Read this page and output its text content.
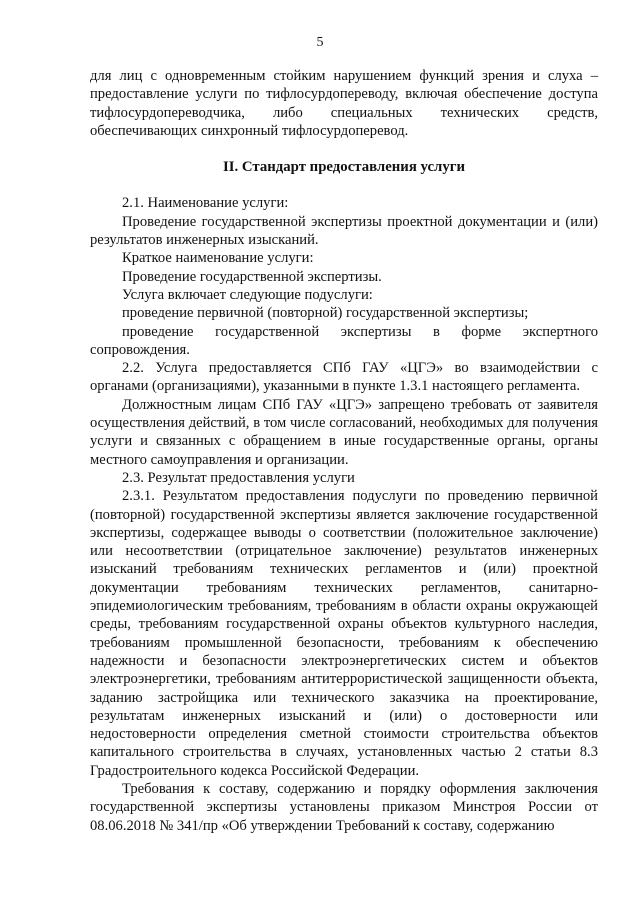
5

для лиц с одновременным стойким нарушением функций зрения и слуха – предоставление услуги по тифлосурдопереводу, включая обеспечение доступа тифлосурдопереводчика, либо специальных технических средств, обеспечивающих синхронный тифлосурдоперевод.

II. Стандарт предоставления услуги

2.1. Наименование услуги:

Проведение государственной экспертизы проектной документации и (или) результатов инженерных изысканий.

Краткое наименование услуги:

Проведение государственной экспертизы.

Услуга включает следующие подуслуги:

проведение первичной (повторной) государственной экспертизы;

проведение государственной экспертизы в форме экспертного сопровождения.

2.2. Услуга предоставляется СПб ГАУ «ЦГЭ» во взаимодействии с органами (организациями), указанными в пункте 1.3.1 настоящего регламента.

Должностным лицам СПб ГАУ «ЦГЭ» запрещено требовать от заявителя осуществления действий, в том числе согласований, необходимых для получения услуги и связанных с обращением в иные государственные органы, органы местного самоуправления и организации.

2.3. Результат предоставления услуги

2.3.1. Результатом предоставления подуслуги по проведению первичной (повторной) государственной экспертизы является заключение государственной экспертизы, содержащее выводы о соответствии (положительное заключение) или несоответствии (отрицательное заключение) результатов инженерных изысканий требованиям технических регламентов и (или) проектной документации требованиям технических регламентов, санитарно-эпидемиологическим требованиям, требованиям в области охраны окружающей среды, требованиям государственной охраны объектов культурного наследия, требованиям промышленной безопасности, требованиям к обеспечению надежности и безопасности электроэнергетических систем и объектов электроэнергетики, требованиям антитеррористической защищенности объекта, заданию застройщика или технического заказчика на проектирование, результатам инженерных изысканий и (или) о достоверности или недостоверности определения сметной стоимости строительства объектов капитального строительства в случаях, установленных частью 2 статьи 8.3 Градостроительного кодекса Российской Федерации.

Требования к составу, содержанию и порядку оформления заключения государственной экспертизы установлены приказом Минстроя России от 08.06.2018 № 341/пр «Об утверждении Требований к составу, содержанию
